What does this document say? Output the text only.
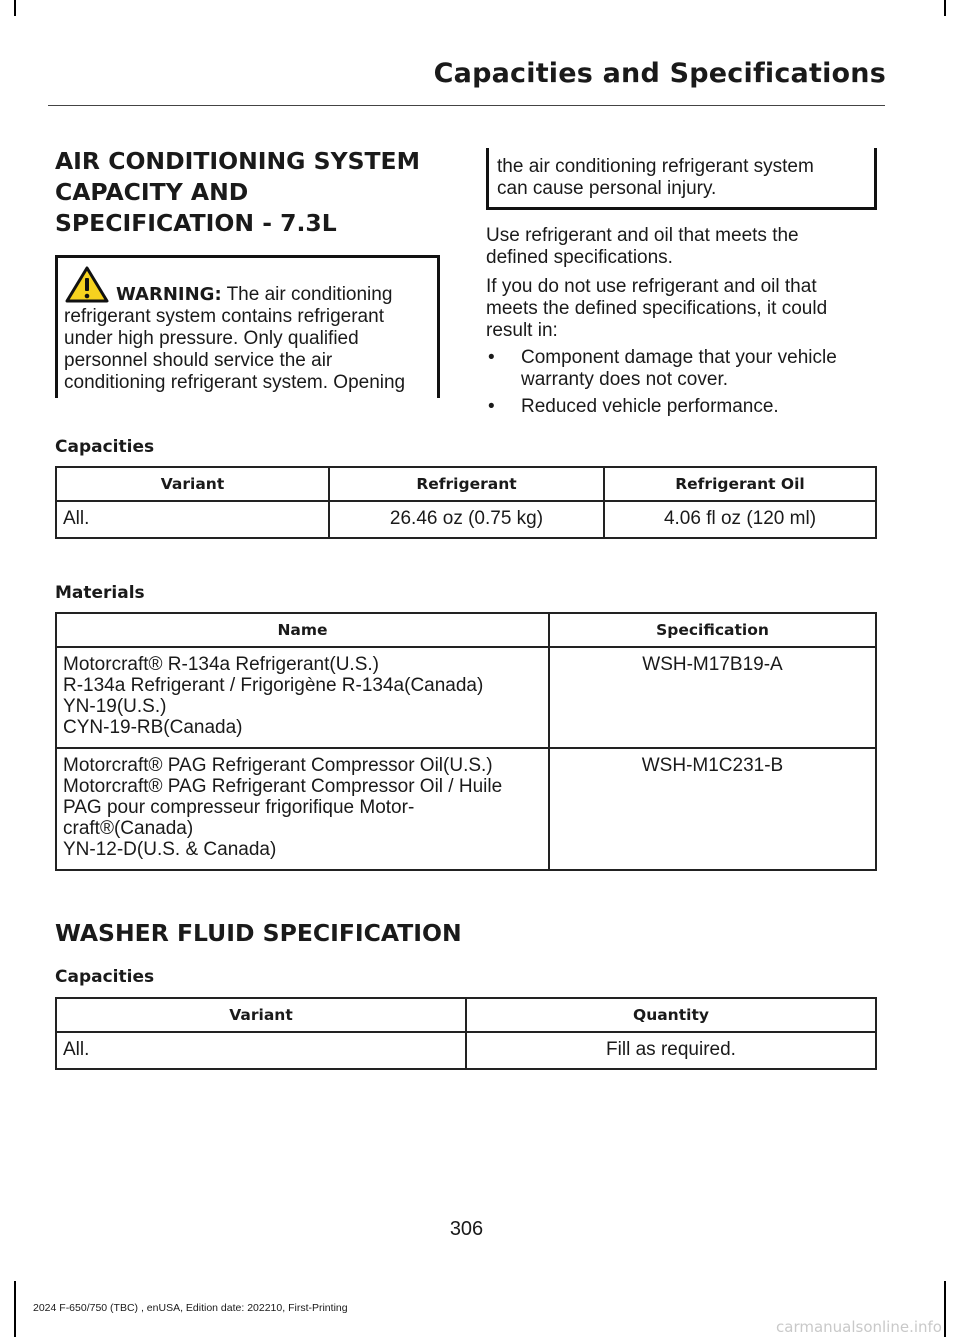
Capacities and Specifications
AIR CONDITIONING SYSTEM
CAPACITY AND
SPECIFICATION - 7.3L
WARNING: The air conditioning
refrigerant system contains refrigerant
under high pressure. Only qualified
personnel should service the air
conditioning refrigerant system. Opening
the air conditioning refrigerant system
can cause personal injury.
Use refrigerant and oil that meets the
defined specifications.
If you do not use refrigerant and oil that
meets the defined specifications, it could
result in:
• Component damage that your vehicle
warranty does not cover.
• Reduced vehicle performance.
Capacities
Variant	Refrigerant	Refrigerant Oil
All.	26.46 oz (0.75 kg)	4.06 fl oz (120 ml)
Materials
Name	Specification

Motorcraft® R-134a Refrigerant(U.S.)
R-134a Refrigerant / Frigorigène R-134a(Canada)
YN-19(U.S.)
CYN-19-RB(Canada)	WSH-M17B19-A

Motorcraft® PAG Refrigerant Compressor Oil(U.S.)
Motorcraft® PAG Refrigerant Compressor Oil / Huile
PAG pour compresseur frigorifique Motor-
craft®(Canada)
YN-12-D(U.S. & Canada)	WSH-M1C231-B
WASHER FLUID SPECIFICATION
Capacities
Variant	Quantity
All.	Fill as required.
306
2024 F-650/750 (TBC) , enUSA, Edition date: 202210, First-Printing
carmanualsonline.info
